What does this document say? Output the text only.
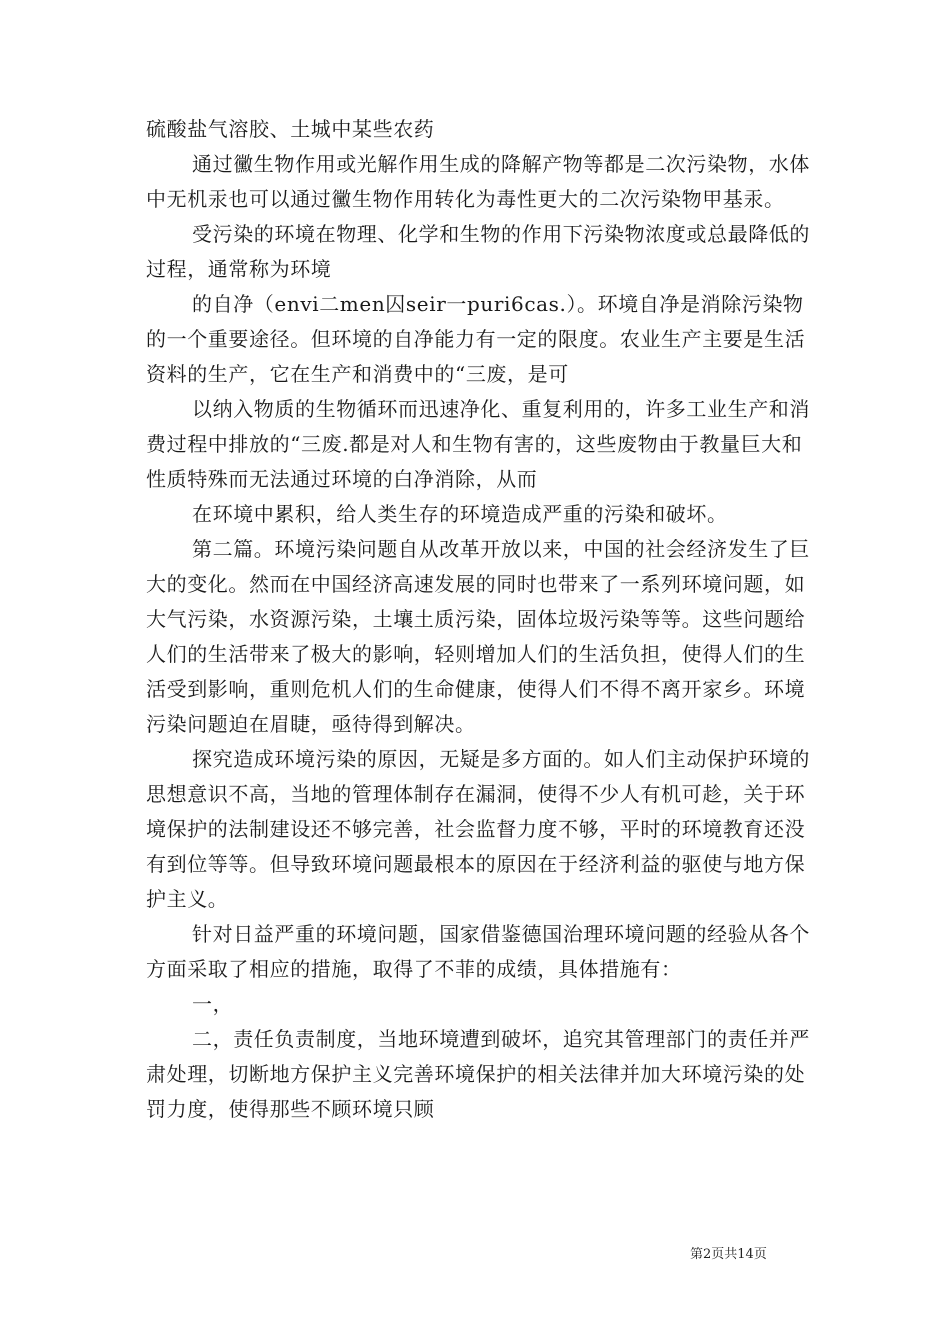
硫酸盐气溶胶、土城中某些农药

通过黴生物作用或光解作用生成的降解产物等都是二次污染物，水体中无机汞也可以通过黴生物作用转化为毒性更大的二次污染物甲基汞。

受污染的环境在物理、化学和生物的作用下污染物浓度或总最降低的过程，通常称为环境

的自净（envi二men囚seir一puri6cas.）。环境自净是消除污染物的一个重要途径。但环境的自净能力有一定的限度。农业生产主要是生活资料的生产，它在生产和消费中的“三废，是可

以纳入物质的生物循环而迅速净化、重复利用的，许多工业生产和消费过程中排放的“三废.都是对人和生物有害的，这些废物由于教量巨大和性质特殊而无法通过环境的白净消除，从而

在环境中累积，给人类生存的环境造成严重的污染和破坏。

第二篇。环境污染问题自从改革开放以来，中国的社会经济发生了巨大的变化。然而在中国经济高速发展的同时也带来了一系列环境问题，如大气污染，水资源污染，土壤土质污染，固体垃圾污染等等。这些问题给人们的生活带来了极大的影响，轻则增加人们的生活负担，使得人们的生活受到影响，重则危机人们的生命健康，使得人们不得不离开家乡。环境污染问题迫在眉睫，亟待得到解决。

探究造成环境污染的原因，无疑是多方面的。如人们主动保护环境的思想意识不高，当地的管理体制存在漏洞，使得不少人有机可趁，关于环境保护的法制建设还不够完善，社会监督力度不够，平时的环境教育还没有到位等等。但导致环境问题最根本的原因在于经济利益的驱使与地方保护主义。

针对日益严重的环境问题，国家借鉴德国治理环境问题的经验从各个方面采取了相应的措施，取得了不菲的成绩，具体措施有：

一，

二，责任负责制度，当地环境遭到破坏，追究其管理部门的责任并严肃处理，切断地方保护主义完善环境保护的相关法律并加大环境污染的处罚力度，使得那些不顾环境只顾

第2页共14页
